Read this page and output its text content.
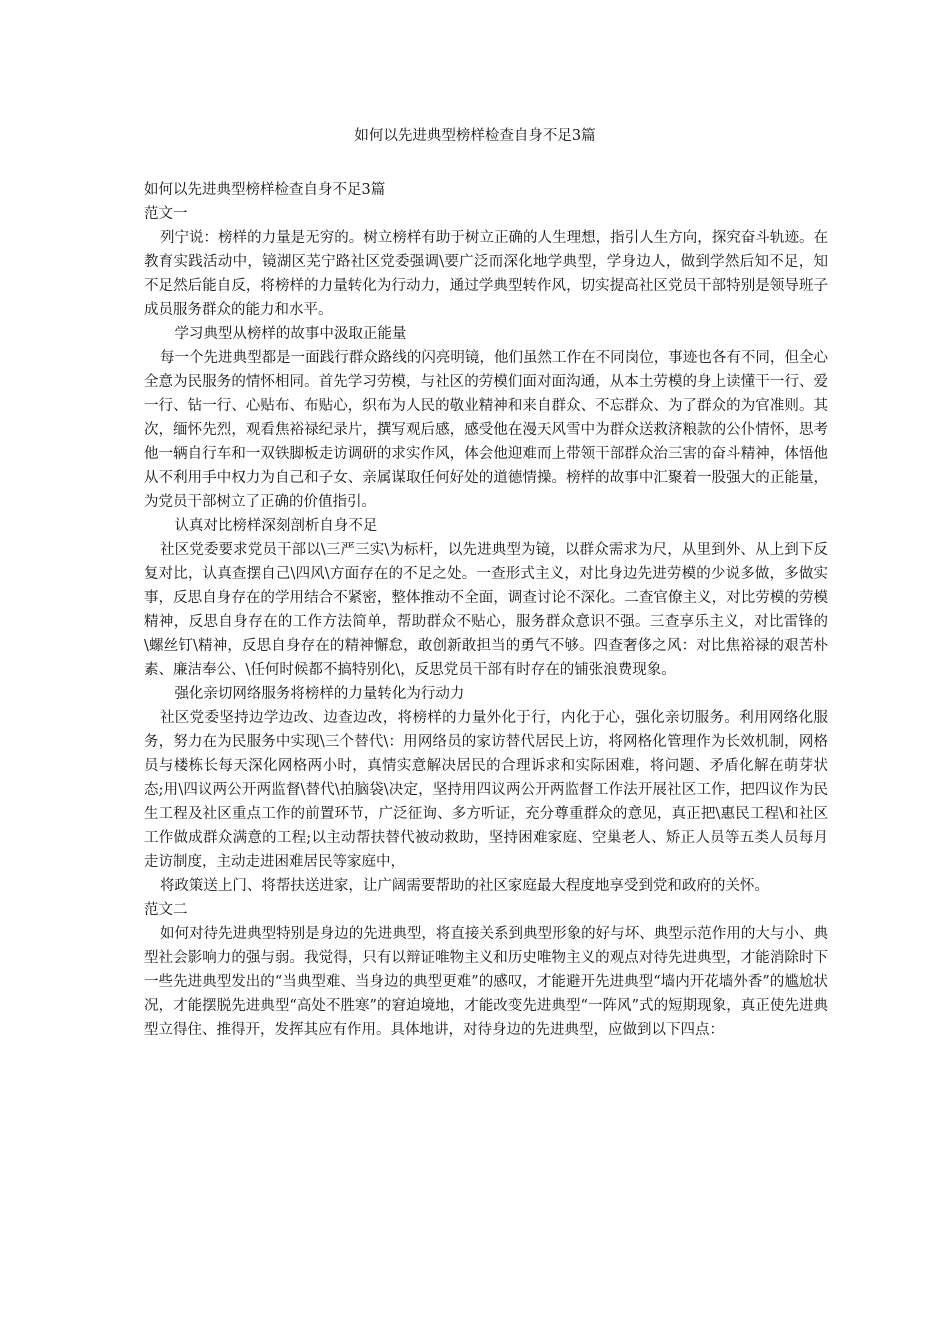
如何以先进典型榜样检查自身不足3篇

如何以先进典型榜样检查自身不足3篇

范文一

列宁说：榜样的力量是无穷的。树立榜样有助于树立正确的人生理想，指引人生方向，探究奋斗轨迹。在教育实践活动中，镜湖区芜宁路社区党委强调\要广泛而深化地学典型，学身边人，做到学然后知不足，知不足然后能自反，将榜样的力量转化为行动力，通过学典型转作风，切实提高社区党员干部特别是领导班子成员服务群众的能力和水平。

学习典型从榜样的故事中汲取正能量

每一个先进典型都是一面践行群众路线的闪亮明镜，他们虽然工作在不同岗位，事迹也各有不同，但全心全意为民服务的情怀相同。首先学习劳模，与社区的劳模们面对面沟通，从本土劳模的身上读懂干一行、爱一行、钻一行、心贴布、布贴心，织布为人民的敬业精神和来自群众、不忘群众、为了群众的为官准则。其次，缅怀先烈，观看焦裕禄纪录片，撰写观后感，感受他在漫天风雪中为群众送救济粮款的公仆情怀，思考他一辆自行车和一双铁脚板走访调研的求实作风，体会他迎难而上带领干部群众治三害的奋斗精神，体悟他从不利用手中权力为自己和子女、亲属谋取任何好处的道德情操。榜样的故事中汇聚着一股强大的正能量，为党员干部树立了正确的价值指引。

认真对比榜样深刻剖析自身不足

社区党委要求党员干部以\三严三实\为标杆，以先进典型为镜，以群众需求为尺，从里到外、从上到下反复对比，认真查摆自己\四风\方面存在的不足之处。一查形式主义，对比身边先进劳模的少说多做，多做实事，反思自身存在的学用结合不紧密，整体推动不全面，调查讨论不深化。二查官僚主义，对比劳模的劳模精神，反思自身存在的工作方法简单，帮助群众不贴心，服务群众意识不强。三查享乐主义，对比雷锋的\螺丝钉\精神，反思自身存在的精神懈怠，敢创新敢担当的勇气不够。四查奢侈之风：对比焦裕禄的艰苦朴素、廉洁奉公、\任何时候都不搞特别化\，反思党员干部有时存在的铺张浪费现象。

强化亲切网络服务将榜样的力量转化为行动力

社区党委坚持边学边改、边查边改，将榜样的力量外化于行，内化于心，强化亲切服务。利用网络化服务，努力在为民服务中实现\三个替代\：用网络员的家访替代居民上访，将网格化管理作为长效机制，网格员与楼栋长每天深化网格两小时，真情实意解决居民的合理诉求和实际困难，将问题、矛盾化解在萌芽状态;用\四议两公开两监督\替代\拍脑袋\决定，坚持用四议两公开两监督工作法开展社区工作，把四议作为民生工程及社区重点工作的前置环节，广泛征询、多方听证，充分尊重群众的意见，真正把\惠民工程\和社区工作做成群众满意的工程;以主动帮扶替代被动救助，坚持困难家庭、空巢老人、矫正人员等五类人员每月走访制度，主动走进困难居民等家庭中，

将政策送上门、将帮扶送进家，让广阔需要帮助的社区家庭最大程度地享受到党和政府的关怀。

范文二

如何对待先进典型特别是身边的先进典型，将直接关系到典型形象的好与坏、典型示范作用的大与小、典型社会影响力的强与弱。我觉得，只有以辩证唯物主义和历史唯物主义的观点对待先进典型，才能消除时下一些先进典型发出的“当典型难、当身边的典型更难”的感叹，才能避开先进典型“墙内开花墙外香”的尴尬状况，才能摆脱先进典型“高处不胜寒”的窘迫境地，才能改变先进典型“一阵风”式的短期现象，真正使先进典型立得住、推得开，发挥其应有作用。具体地讲，对待身边的先进典型，应做到以下四点：
